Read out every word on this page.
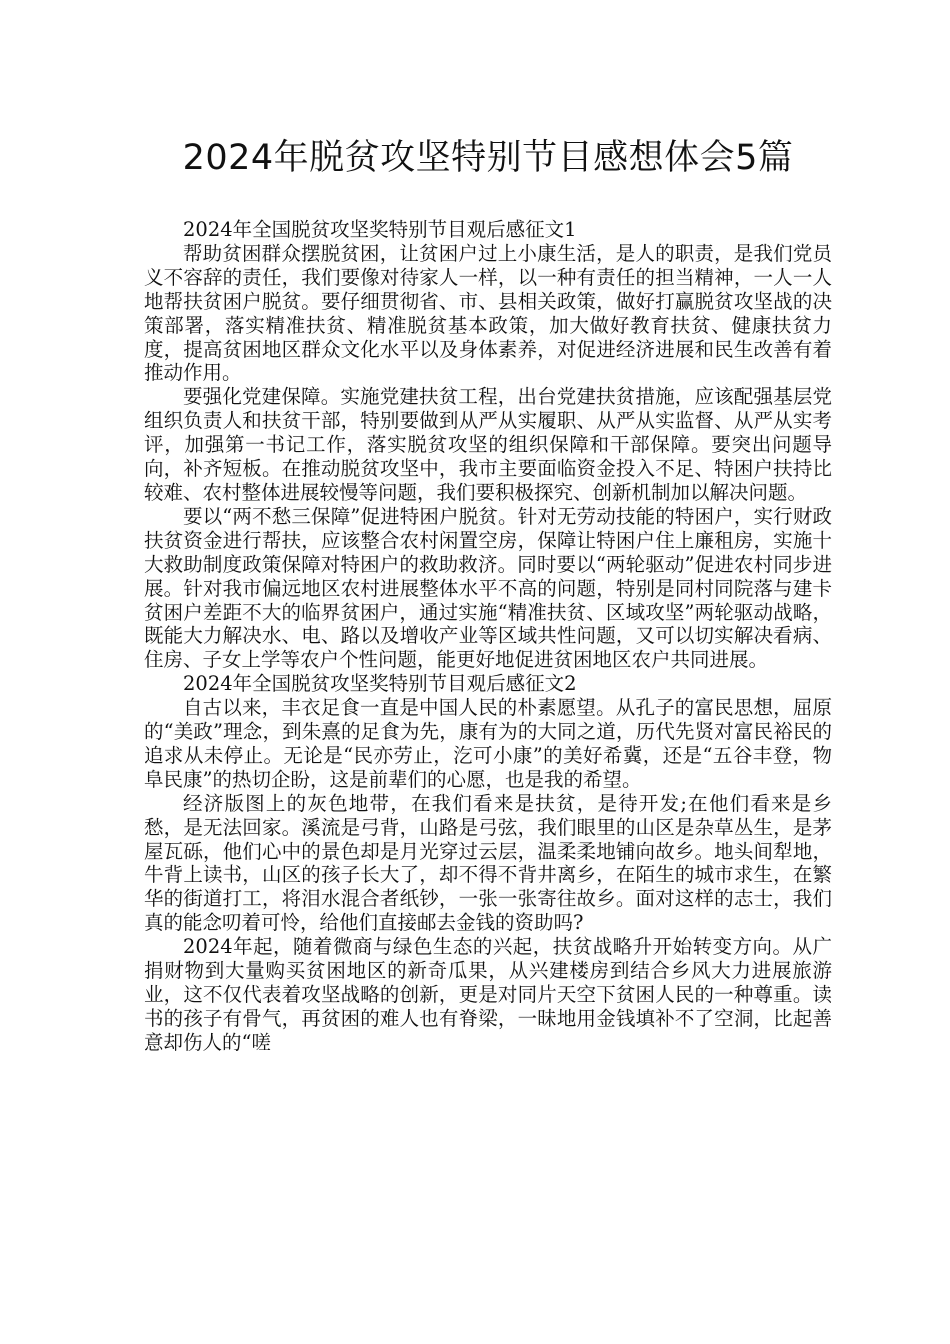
2024年脱贫攻坚特别节目感想体会5篇

2024年全国脱贫攻坚奖特别节目观后感征文1

帮助贫困群众摆脱贫困，让贫困户过上小康生活，是人的职责，是我们党员义不容辞的责任，我们要像对待家人一样，以一种有责任的担当精神，一人一人地帮扶贫困户脱贫。要仔细贯彻省、市、县相关政策，做好打赢脱贫攻坚战的决策部署，落实精准扶贫、精准脱贫基本政策，加大做好教育扶贫、健康扶贫力度，提高贫困地区群众文化水平以及身体素养，对促进经济进展和民生改善有着推动作用。

要强化党建保障。实施党建扶贫工程，出台党建扶贫措施，应该配强基层党组织负责人和扶贫干部，特别要做到从严从实履职、从严从实监督、从严从实考评，加强第一书记工作，落实脱贫攻坚的组织保障和干部保障。要突出问题导向，补齐短板。在推动脱贫攻坚中，我市主要面临资金投入不足、特困户扶持比较难、农村整体进展较慢等问题，我们要积极探究、创新机制加以解决问题。

要以“两不愁三保障”促进特困户脱贫。针对无劳动技能的特困户，实行财政扶贫资金进行帮扶，应该整合农村闲置空房，保障让特困户住上廉租房，实施十大救助制度政策保障对特困户的救助救济。同时要以“两轮驱动”促进农村同步进展。针对我市偏远地区农村进展整体水平不高的问题，特别是同村同院落与建卡贫困户差距不大的临界贫困户，通过实施“精准扶贫、区域攻坚”两轮驱动战略，既能大力解决水、电、路以及增收产业等区域共性问题，又可以切实解决看病、住房、子女上学等农户个性问题，能更好地促进贫困地区农户共同进展。

2024年全国脱贫攻坚奖特别节目观后感征文2

自古以来，丰衣足食一直是中国人民的朴素愿望。从孔子的富民思想，屈原的“美政”理念，到朱熹的足食为先，康有为的大同之道，历代先贤对富民裕民的追求从未停止。无论是“民亦劳止，汔可小康”的美好希冀，还是“五谷丰登，物阜民康”的热切企盼，这是前辈们的心愿，也是我的希望。

经济版图上的灰色地带，在我们看来是扶贫，是待开发;在他们看来是乡愁，是无法回家。溪流是弓背，山路是弓弦，我们眼里的山区是杂草丛生，是茅屋瓦砾，他们心中的景色却是月光穿过云层，温柔柔地铺向故乡。地头间犁地，牛背上读书，山区的孩子长大了，却不得不背井离乡，在陌生的城市求生，在繁华的街道打工，将泪水混合者纸钞，一张一张寄往故乡。面对这样的志士，我们真的能念叨着可怜，给他们直接邮去金钱的资助吗?

2024年起，随着微商与绿色生态的兴起，扶贫战略升开始转变方向。从广捐财物到大量购买贫困地区的新奇瓜果，从兴建楼房到结合乡风大力进展旅游业，这不仅代表着攻坚战略的创新，更是对同片天空下贫困人民的一种尊重。读书的孩子有骨气，再贫困的难人也有脊梁，一昧地用金钱填补不了空洞，比起善意却伤人的“嗟
